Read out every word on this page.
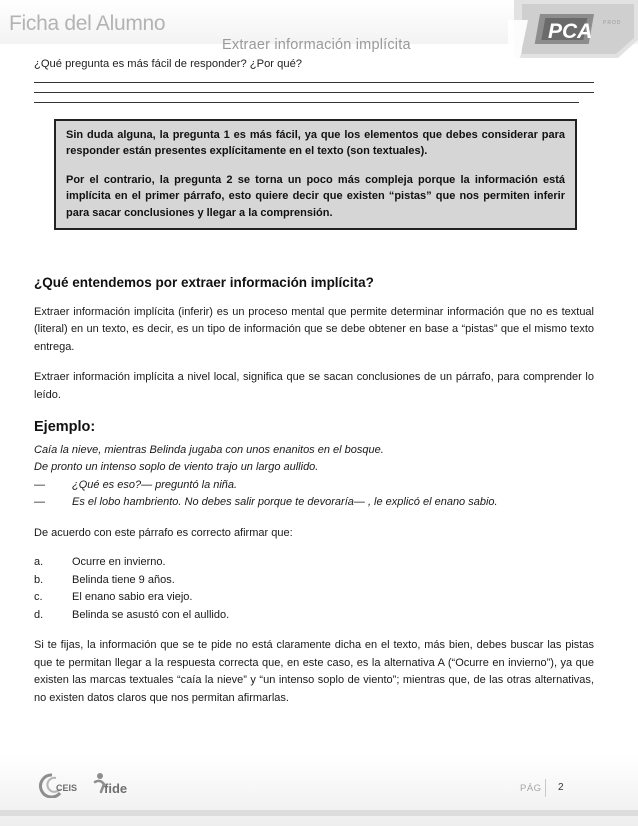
Ficha del Alumno
Extraer información implícita
PCA PROD
¿Qué pregunta es más fácil de responder? ¿Por qué?

Sin duda alguna, la pregunta 1 es más fácil, ya que los elementos que debes considerar para responder están presentes explícitamente en el texto (son textuales).

Por el contrario, la pregunta 2 se torna un poco más compleja porque la información está implícita en el primer párrafo, esto quiere decir que existen “pistas” que nos permiten inferir para sacar conclusiones y llegar a la comprensión.

¿Qué entendemos por extraer información implícita?

Extraer información implícita (inferir) es un proceso mental que permite determinar información que no es textual (literal) en un texto, es decir, es un tipo de información que se debe obtener en base a “pistas” que el mismo texto entrega.

Extraer información implícita a nivel local, significa que se sacan conclusiones de un párrafo, para comprender lo leído.

Ejemplo:
Caía la nieve, mientras Belinda jugaba con unos enanitos en el bosque.
De pronto un intenso soplo de viento trajo un largo aullido.
—	¿Qué es eso?— preguntó la niña.
—	Es el lobo hambriento. No debes salir porque te devoraría— , le explicó el enano sabio.

De acuerdo con este párrafo es correcto afirmar que:

a.	Ocurre en invierno.
b.	Belinda tiene 9 años.
c.	El enano sabio era viejo.
d.	Belinda se asustó con el aullido.

Si te fijas, la información que se te pide no está claramente dicha en el texto, más bien, debes buscar las pistas que te permitan llegar a la respuesta correcta que, en este caso, es la alternativa A (“Ocurre en invierno”), ya que existen las marcas textuales “caía la nieve” y “un intenso soplo de viento”; mientras que, de las otras alternativas, no existen datos claros que nos permitan afirmarlas.

CEIS fide	PÁG	2
